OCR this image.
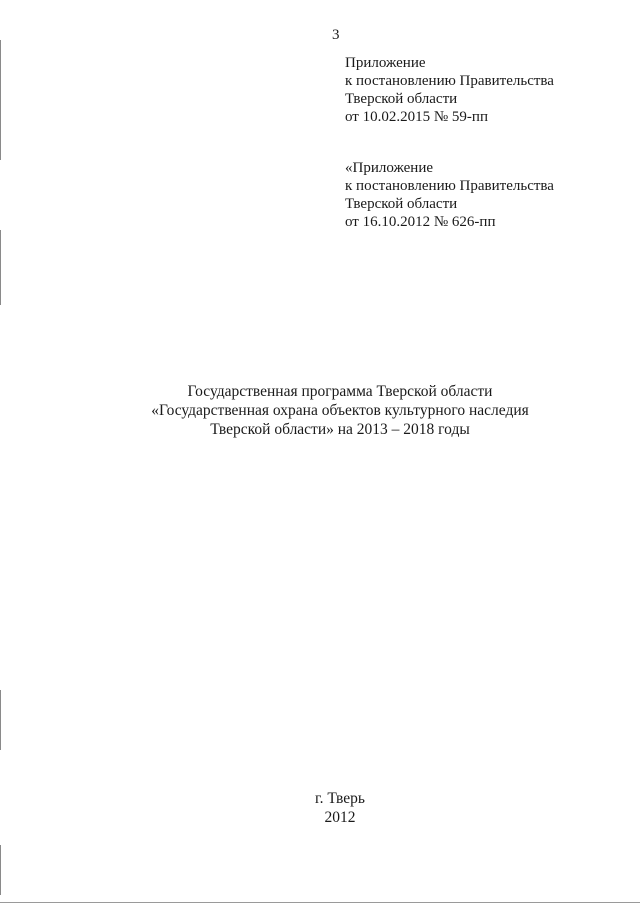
3
Приложение
к постановлению Правительства
Тверской области
от 10.02.2015 № 59-пп
«Приложение
к постановлению Правительства
Тверской области
от 16.10.2012 № 626-пп
Государственная программа Тверской области
«Государственная охрана объектов культурного наследия
Тверской области» на 2013 – 2018 годы
г. Тверь
2012
